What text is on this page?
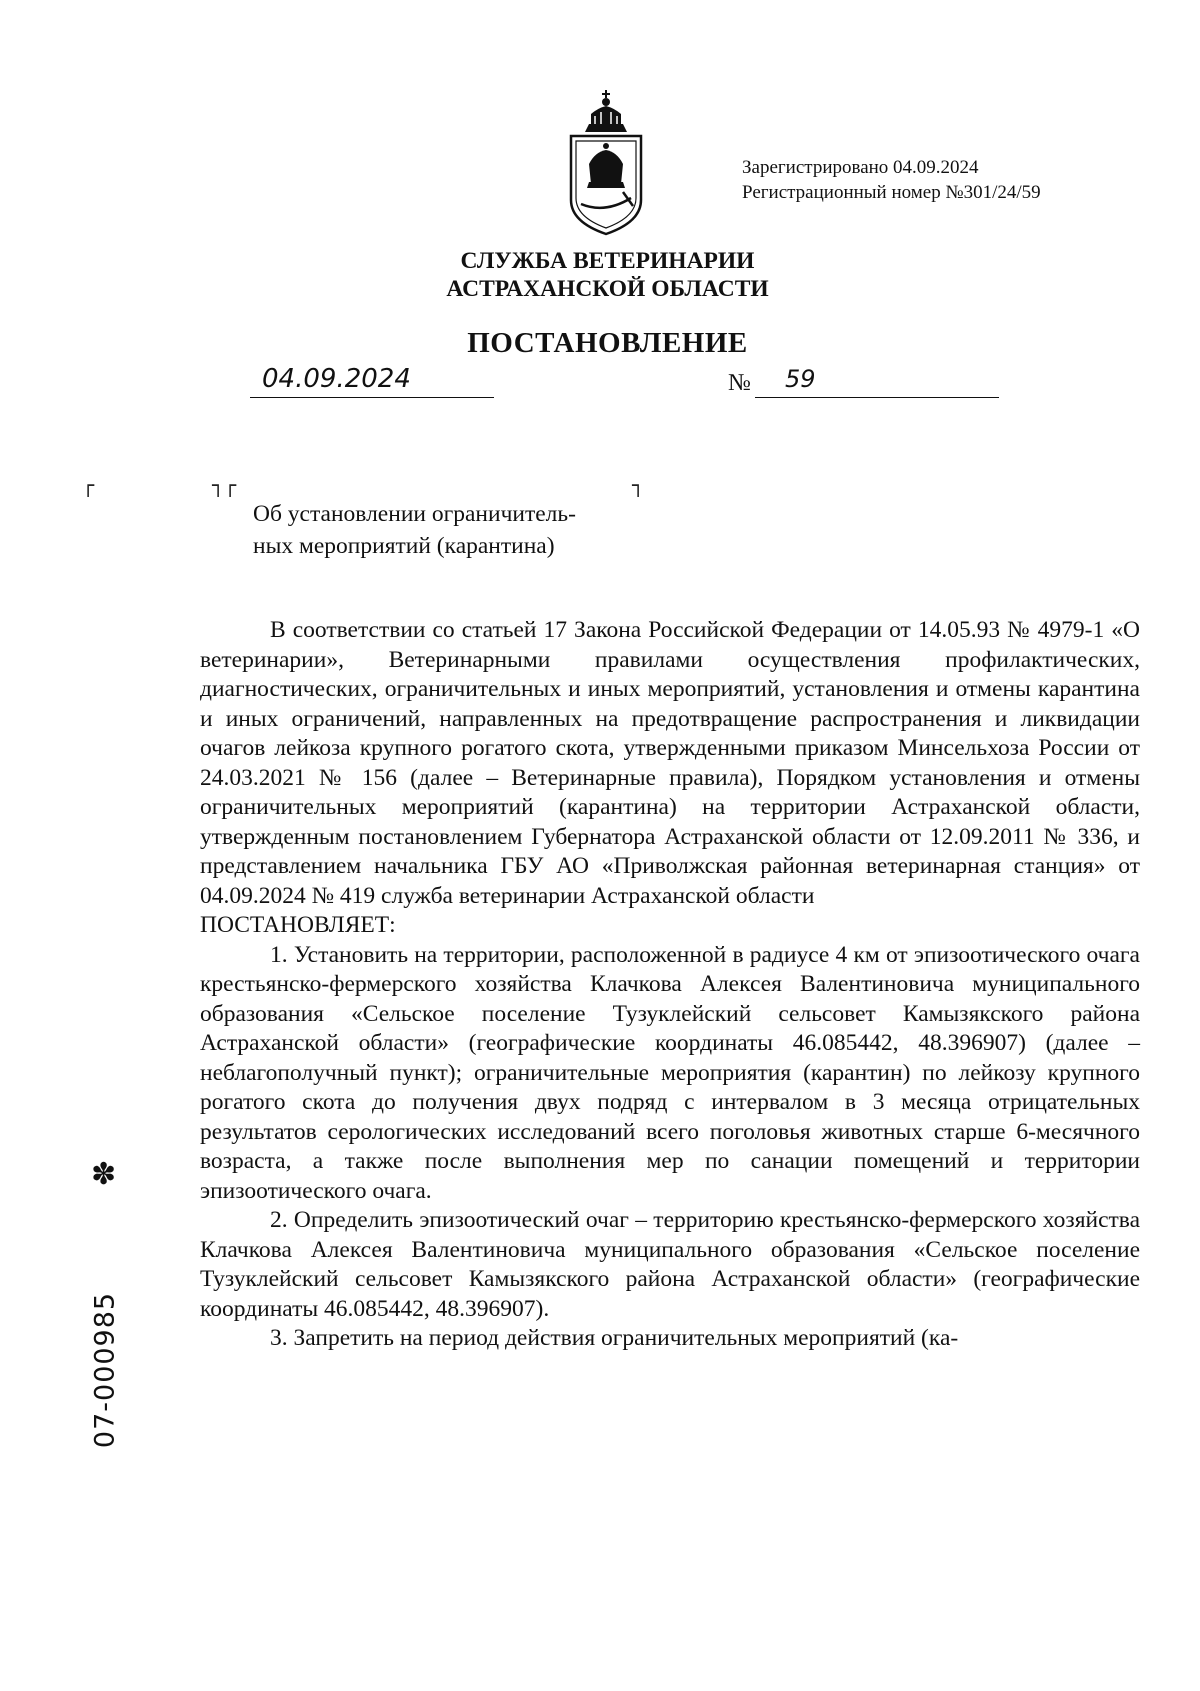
Зарегистрировано 04.09.2024
Регистрационный номер №301/24/59
СЛУЖБА ВЕТЕРИНАРИИ
АСТРАХАНСКОЙ ОБЛАСТИ
ПОСТАНОВЛЕНИЕ
04.09.2024	№	59
┌	┐┌	┐
Об установлении ограничитель-
ных мероприятий (карантина)

В соответствии со статьей 17 Закона Российской Федерации от 14.05.93 № 4979-1 «О ветеринарии», Ветеринарными правилами осуществления профилактических, диагностических, ограничительных и иных мероприятий, установления и отмены карантина и иных ограничений, направленных на предотвращение распространения и ликвидации очагов лейкоза крупного рогатого скота, утвержденными приказом Минсельхоза России от 24.03.2021 № 156 (далее – Ветеринарные правила), Порядком установления и отмены ограничительных мероприятий (карантина) на территории Астраханской области, утвержденным постановлением Губернатора Астраханской области от 12.09.2011 № 336, и представлением начальника ГБУ АО «Приволжская районная ветеринарная станция» от 04.09.2024 № 419 служба ветеринарии Астраханской области

ПОСТАНОВЛЯЕТ:

1. Установить на территории, расположенной в радиусе 4 км от эпизоотического очага крестьянско-фермерского хозяйства Клачкова Алексея Валентиновича муниципального образования «Сельское поселение Тузуклейский сельсовет Камызякского района Астраханской области» (географические координаты 46.085442, 48.396907) (далее – неблагополучный пункт); ограничительные мероприятия (карантин) по лейкозу крупного рогатого скота до получения двух подряд с интервалом в 3 месяца отрицательных результатов серологических исследований всего поголовья животных старше 6-месячного возраста, а также после выполнения мер по санации помещений и территории эпизоотического очага.

2. Определить эпизоотический очаг – территорию крестьянско-фермерского хозяйства Клачкова Алексея Валентиновича муниципального образования «Сельское поселение Тузуклейский сельсовет Камызякского района Астраханской области» (географические координаты 46.085442, 48.396907).

3. Запретить на период действия ограничительных мероприятий (ка-

✽
07-000985
